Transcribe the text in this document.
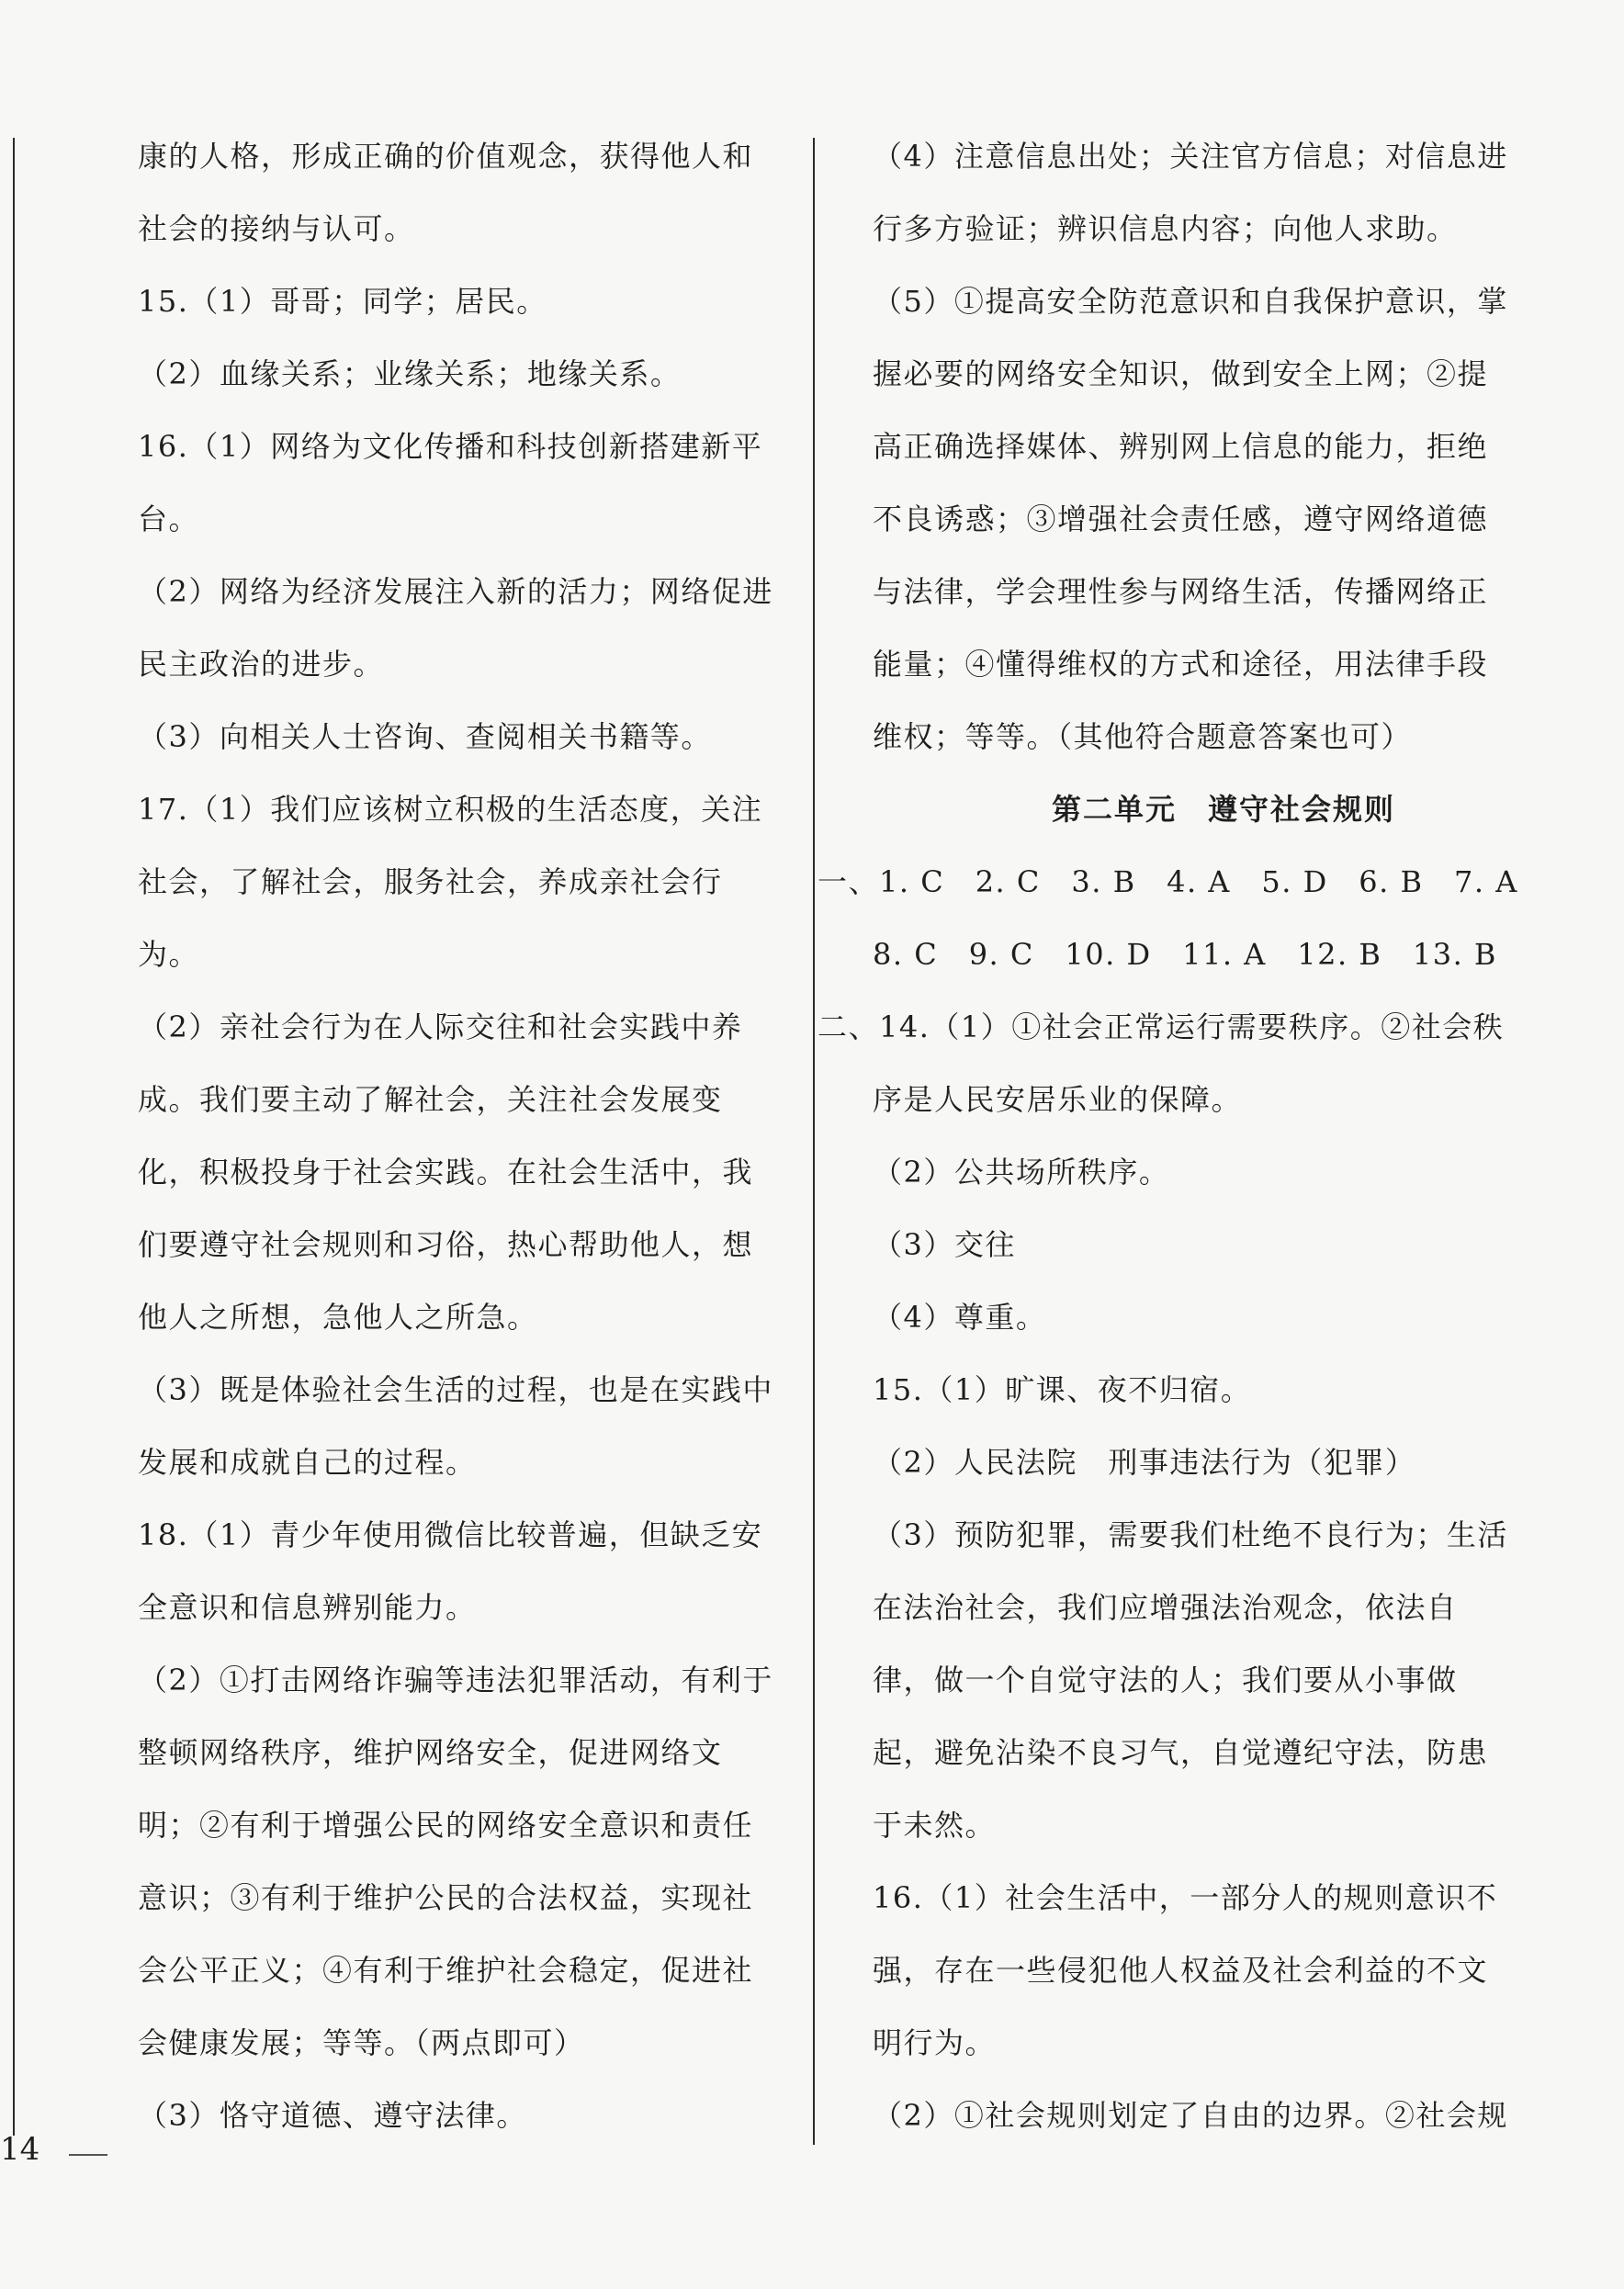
康的人格，形成正确的价值观念，获得他人和
社会的接纳与认可。
15.（1）哥哥；同学；居民。
（2）血缘关系；业缘关系；地缘关系。
16.（1）网络为文化传播和科技创新搭建新平
台。
（2）网络为经济发展注入新的活力；网络促进
民主政治的进步。
（3）向相关人士咨询、查阅相关书籍等。
17.（1）我们应该树立积极的生活态度，关注
社会，了解社会，服务社会，养成亲社会行
为。
（2）亲社会行为在人际交往和社会实践中养
成。我们要主动了解社会，关注社会发展变
化，积极投身于社会实践。在社会生活中，我
们要遵守社会规则和习俗，热心帮助他人，想
他人之所想，急他人之所急。
（3）既是体验社会生活的过程，也是在实践中
发展和成就自己的过程。
18.（1）青少年使用微信比较普遍，但缺乏安
全意识和信息辨别能力。
（2）①打击网络诈骗等违法犯罪活动，有利于
整顿网络秩序，维护网络安全，促进网络文
明；②有利于增强公民的网络安全意识和责任
意识；③有利于维护公民的合法权益，实现社
会公平正义；④有利于维护社会稳定，促进社
会健康发展；等等。（两点即可）
（3）恪守道德、遵守法律。
（4）注意信息出处；关注官方信息；对信息进
行多方验证；辨识信息内容；向他人求助。
（5）①提高安全防范意识和自我保护意识，掌
握必要的网络安全知识，做到安全上网；②提
高正确选择媒体、辨别网上信息的能力，拒绝
不良诱惑；③增强社会责任感，遵守网络道德
与法律，学会理性参与网络生活，传播网络正
能量；④懂得维权的方式和途径，用法律手段
维权；等等。（其他符合题意答案也可）
第二单元　遵守社会规则
一、1. C　2. C　3. B　4. A　5. D　6. B　7. A
8. C　9. C　10. D　11. A　12. B　13. B
二、14.（1）①社会正常运行需要秩序。②社会秩
序是人民安居乐业的保障。
（2）公共场所秩序。
（3）交往
（4）尊重。
15.（1）旷课、夜不归宿。
（2）人民法院　刑事违法行为（犯罪）
（3）预防犯罪，需要我们杜绝不良行为；生活
在法治社会，我们应增强法治观念，依法自
律，做一个自觉守法的人；我们要从小事做
起，避免沾染不良习气，自觉遵纪守法，防患
于未然。
16.（1）社会生活中，一部分人的规则意识不
强，存在一些侵犯他人权益及社会利益的不文
明行为。
（2）①社会规则划定了自由的边界。②社会规
14
